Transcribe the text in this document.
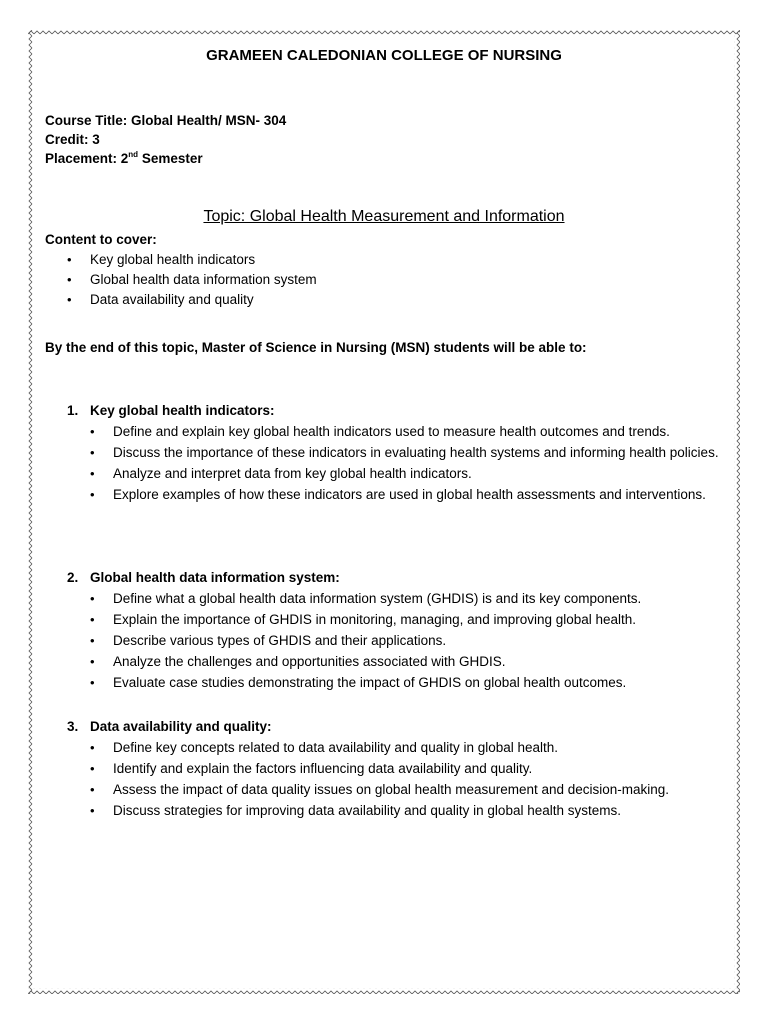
GRAMEEN CALEDONIAN COLLEGE OF NURSING
Course Title: Global Health/ MSN- 304
Credit: 3
Placement: 2nd Semester
Topic: Global Health Measurement and Information
Content to cover:
• Key global health indicators
• Global health data information system
• Data availability and quality
By the end of this topic, Master of Science in Nursing (MSN) students will be able to:
1. Key global health indicators:
• Define and explain key global health indicators used to measure health outcomes and trends.
• Discuss the importance of these indicators in evaluating health systems and informing health policies.
• Analyze and interpret data from key global health indicators.
• Explore examples of how these indicators are used in global health assessments and interventions.
2. Global health data information system:
• Define what a global health data information system (GHDIS) is and its key components.
• Explain the importance of GHDIS in monitoring, managing, and improving global health.
• Describe various types of GHDIS and their applications.
• Analyze the challenges and opportunities associated with GHDIS.
• Evaluate case studies demonstrating the impact of GHDIS on global health outcomes.
3. Data availability and quality:
• Define key concepts related to data availability and quality in global health.
• Identify and explain the factors influencing data availability and quality.
• Assess the impact of data quality issues on global health measurement and decision-making.
• Discuss strategies for improving data availability and quality in global health systems.
